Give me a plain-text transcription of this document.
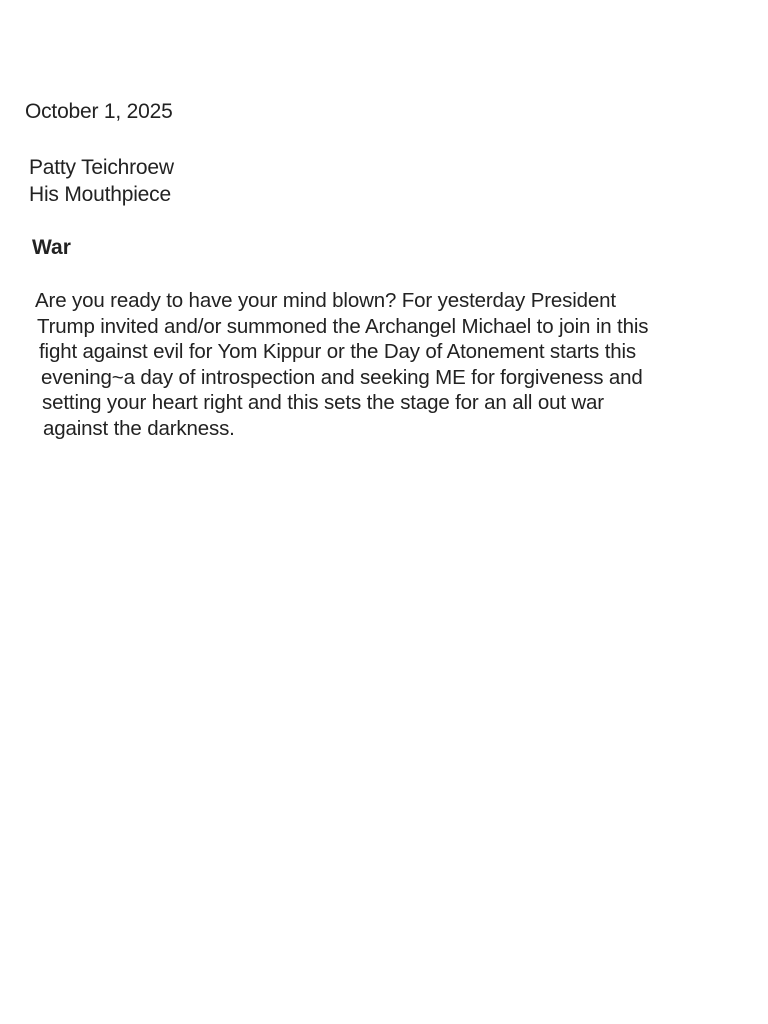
October 1, 2025
Patty Teichroew
His Mouthpiece
War
Are you ready to have your mind blown? For yesterday President
Trump invited and/or summoned the Archangel Michael to join in this
fight against evil for Yom Kippur or the Day of Atonement starts this
evening~a day of introspection and seeking ME for forgiveness and
setting your heart right and this sets the stage for an all out war
against the darkness.
